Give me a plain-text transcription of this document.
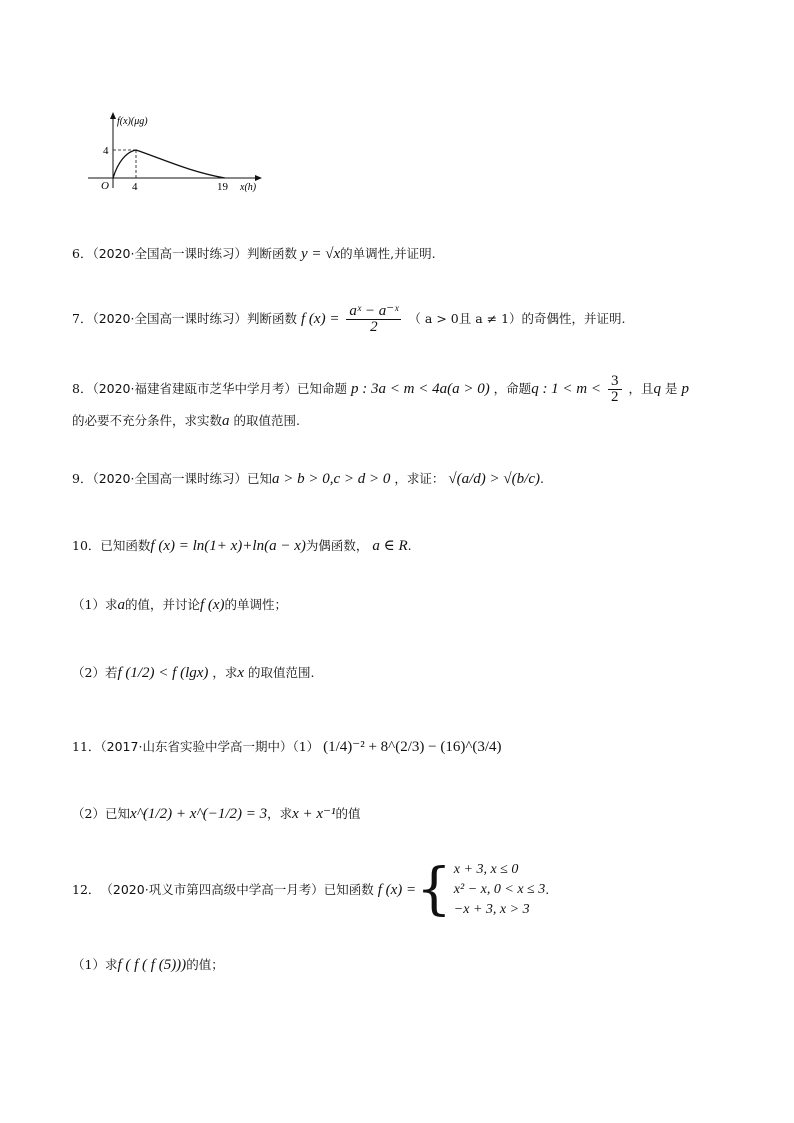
f(x)(μg)
4
O 4	19 x(h)
6．（2020·全国高一课时练习）判断函数 y = √x的单调性,并证明.
7．（2020·全国高一课时练习）判断函数 f $(x) = \frac{\text{aˣ − a⁻ˣ}}{2}$ （ a > 0且 a ≠ 1）的奇偶性，并证明.
8．（2020·福建省建瓯市芝华中学月考）已知命题 p : 3a < m < 4a(a > 0) ，命题q : $1 < m < \frac{3}{2}$ ，且q 是 p
的必要不充分条件，求实数a 的取值范围.
9．（2020·全国高一课时练习）已知a > b > 0,c > d > 0 ，求证： √(a/d) > √(b/c).
10．已知函数f (x) = ln(1+ x)+ln(a − x)为偶函数， a ∈ R.
（1）求a的值，并讨论f (x)的单调性；
（2）若f (1/2) < f (lgx) ，求x 的取值范围.
11．（2017·山东省实验中学高一期中）（1） (1/4)⁻² + 8^(2/3) − (16)^(3/4)
（2）已知x^(1/2) + x^(−1/2) = 3，求x + x⁻¹的值
12． （2020·巩义市第四高级中学高一月考） 已知函数 f (x) = { x + 3, x ≤ 0
x² − x, 0 < x ≤ 3
−x + 3, x > 3
.
（1）求f ( f ( f (5)))的值；
